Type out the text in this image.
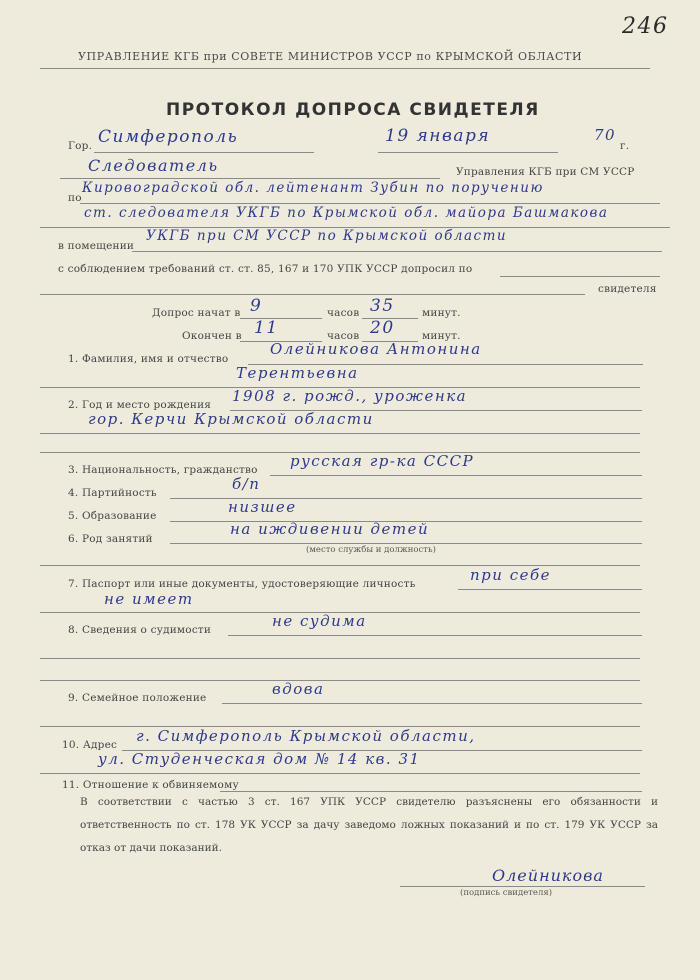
246
УПРАВЛЕНИЕ КГБ при СОВЕТЕ МИНИСТРОВ УССР по КРЫМСКОЙ ОБЛАСТИ
ПРОТОКОЛ ДОПРОСА СВИДЕТЕЛЯ
Гор. Симферополь	19 января	70
г.
Следователь	Управления КГБ при СМ УССР
по
Кировоградской обл. лейтенант Зубин по поручению
ст. следователя УКГБ по Крымской обл. майора Башмакова
в помещении
УКГБ при СМ УССР по Крымской области
с соблюдением требований ст. ст. 85, 167 и 170 УПК УССР допросил по
свидетеля
Допрос начат в 9	часов 35	минут.
Окончен в 11	часов 20	минут.
1. Фамилия, имя и отчество
Олейникова Антонина
Терентьевна
2. Год и место рождения 1908 г. рожд., уроженка
гор. Керчи Крымской области
3. Национальность, гражданство русская гр-ка СССР
4. Партийность	б/п
5. Образование	низшее
6. Род занятий
на иждивении детей
(место службы и должность)
7. Паспорт или иные документы, удостоверяющие личность	при себе
не имеет
8. Сведения о судимости	не судима
9. Семейное положение	вдова
10. Адрес г. Симферополь Крымской области,
ул. Студенческая дом № 14 кв. 31
11. Отношение к обвиняемому
В соответствии с частью 3 ст. 167 УПК УССР свидетелю разъяснены его обязанности и ответственность по ст. 178 УК УССР за дачу заведомо ложных показаний и по ст. 179 УК УССР за отказ от дачи показаний.
Олейникова
(подпись свидетеля)
